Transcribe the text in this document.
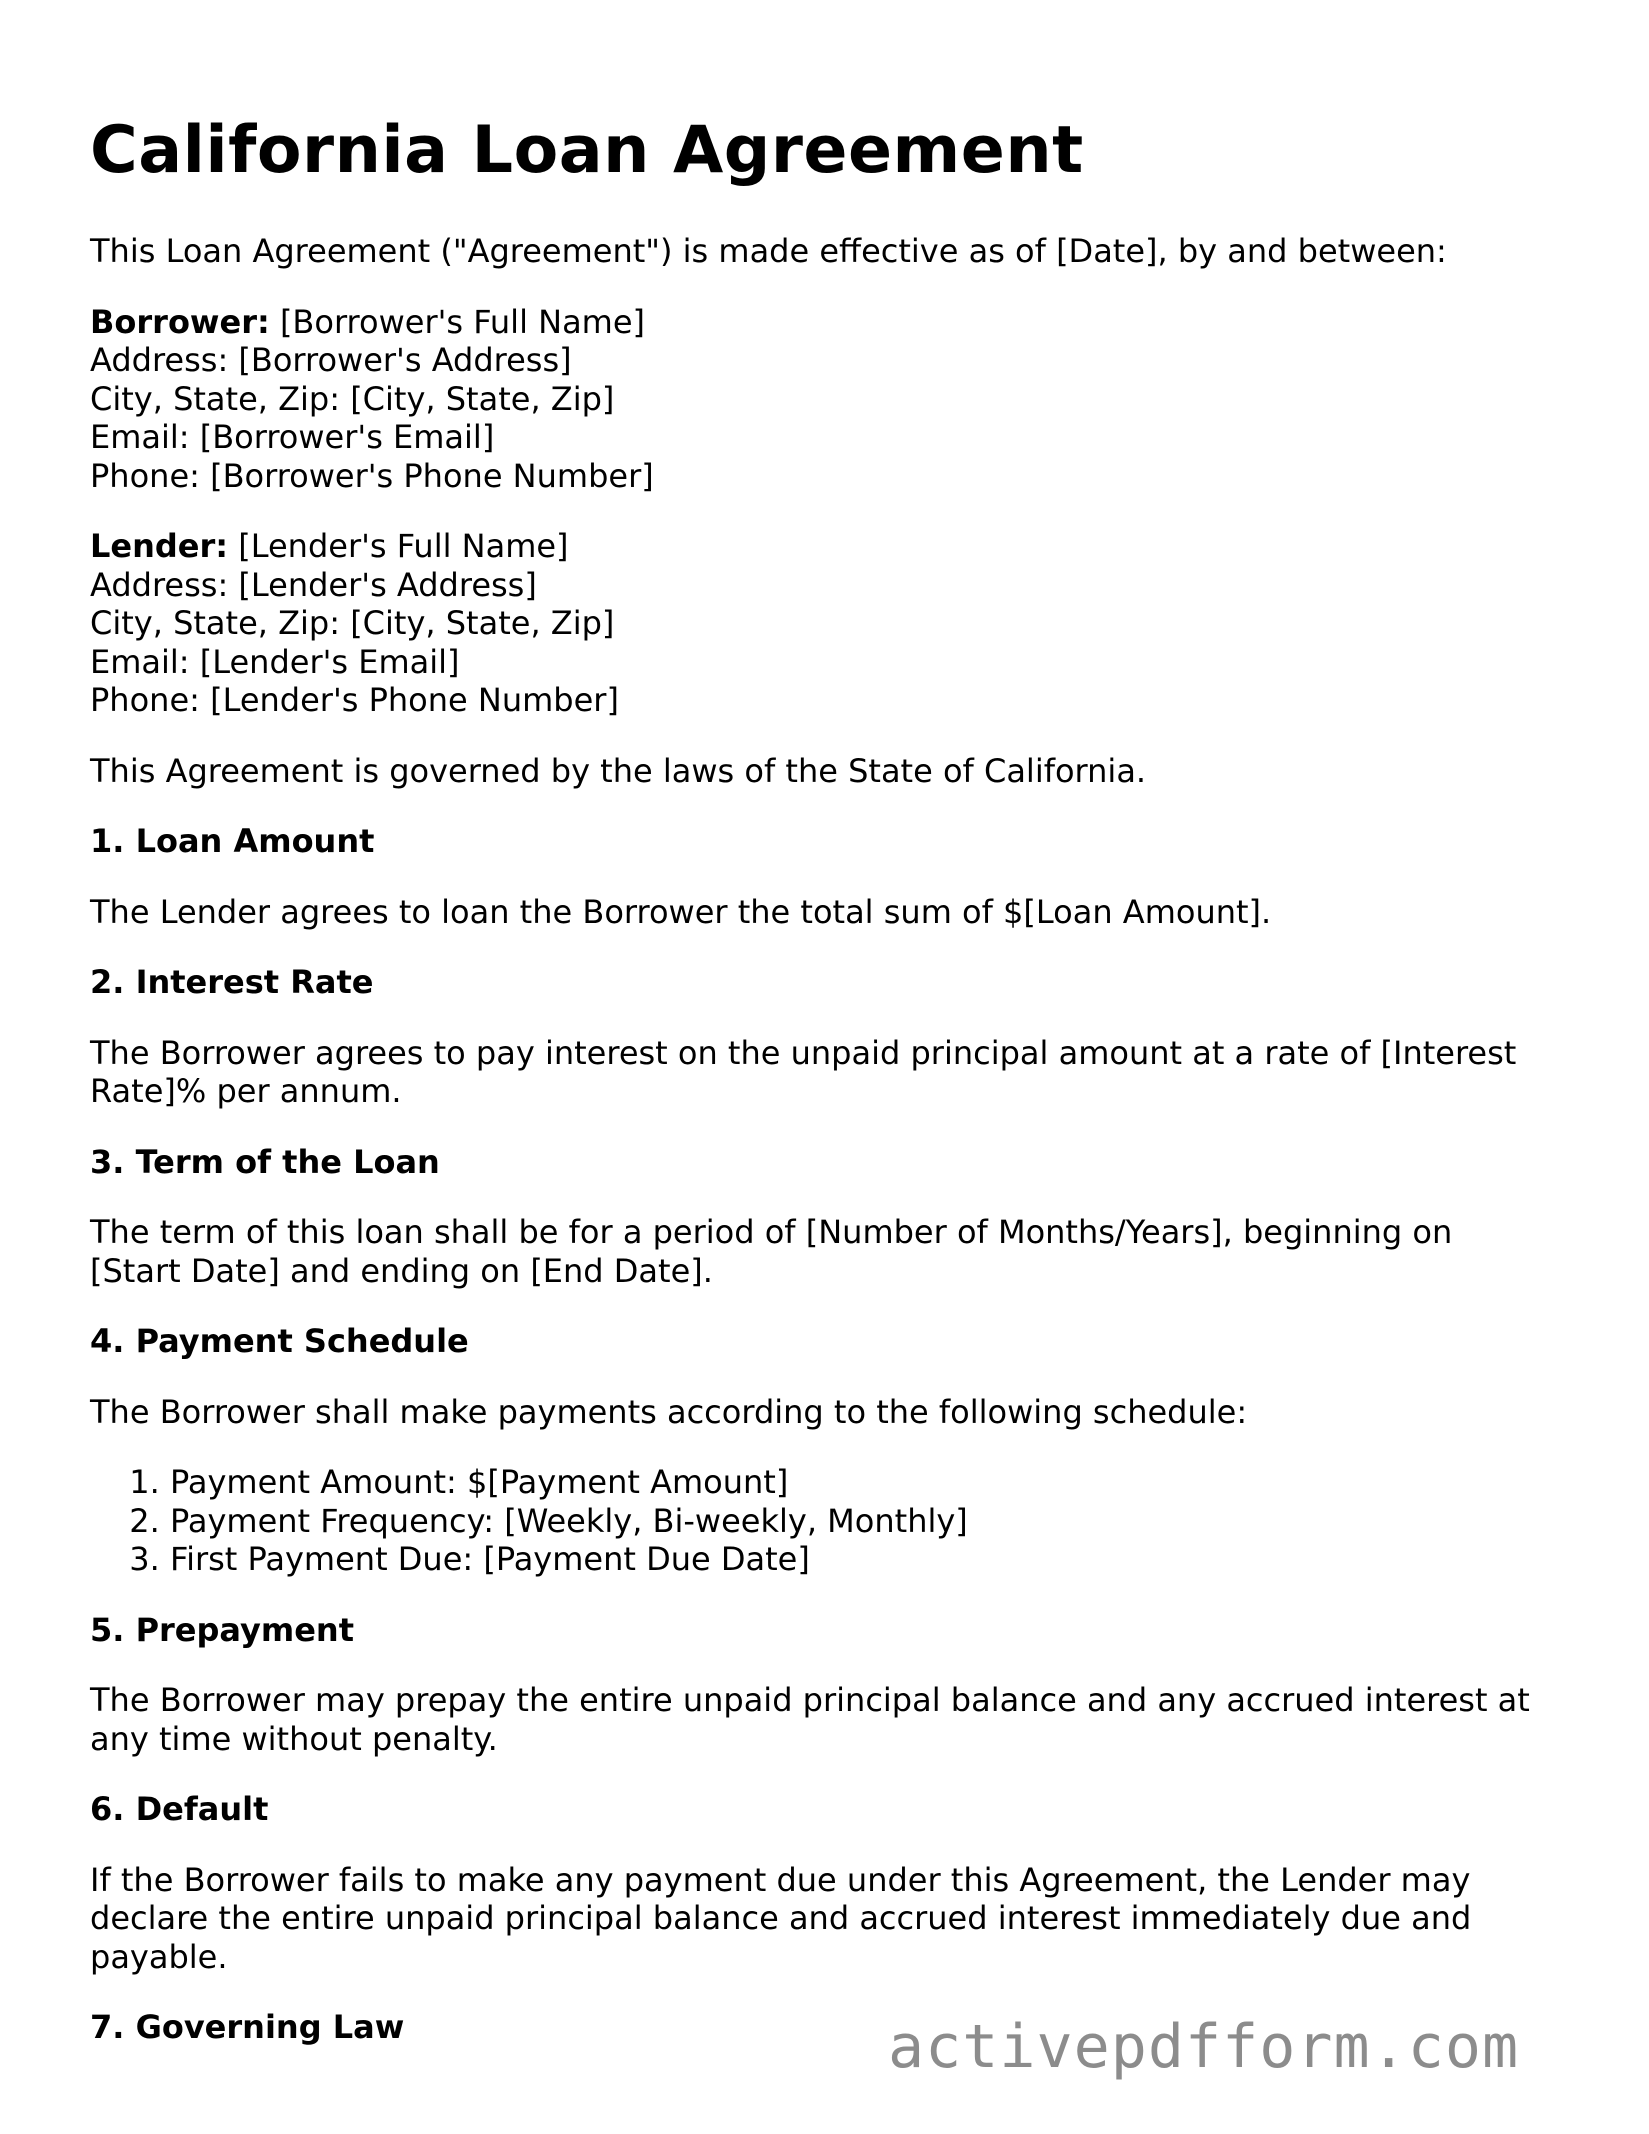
California Loan Agreement

This Loan Agreement ("Agreement") is made effective as of [Date], by and between:

Borrower: [Borrower's Full Name]
Address: [Borrower's Address]
City, State, Zip: [City, State, Zip]
Email: [Borrower's Email]
Phone: [Borrower's Phone Number]
Lender: [Lender's Full Name]
Address: [Lender's Address]
City, State, Zip: [City, State, Zip]
Email: [Lender's Email]
Phone: [Lender's Phone Number]

This Agreement is governed by the laws of the State of California.

1. Loan Amount

The Lender agrees to loan the Borrower the total sum of $[Loan Amount].

2. Interest Rate

The Borrower agrees to pay interest on the unpaid principal amount at a rate of [Interest
Rate]% per annum.

3. Term of the Loan

The term of this loan shall be for a period of [Number of Months/Years], beginning on
[Start Date] and ending on [End Date].

4. Payment Schedule

The Borrower shall make payments according to the following schedule:

1. Payment Amount: $[Payment Amount]
2. Payment Frequency: [Weekly, Bi-weekly, Monthly]
3. First Payment Due: [Payment Due Date]
5. Prepayment

The Borrower may prepay the entire unpaid principal balance and any accrued interest at
any time without penalty.

6. Default

If the Borrower fails to make any payment due under this Agreement, the Lender may
declare the entire unpaid principal balance and accrued interest immediately due and
payable.

7. Governing Law	activepdfform.com
